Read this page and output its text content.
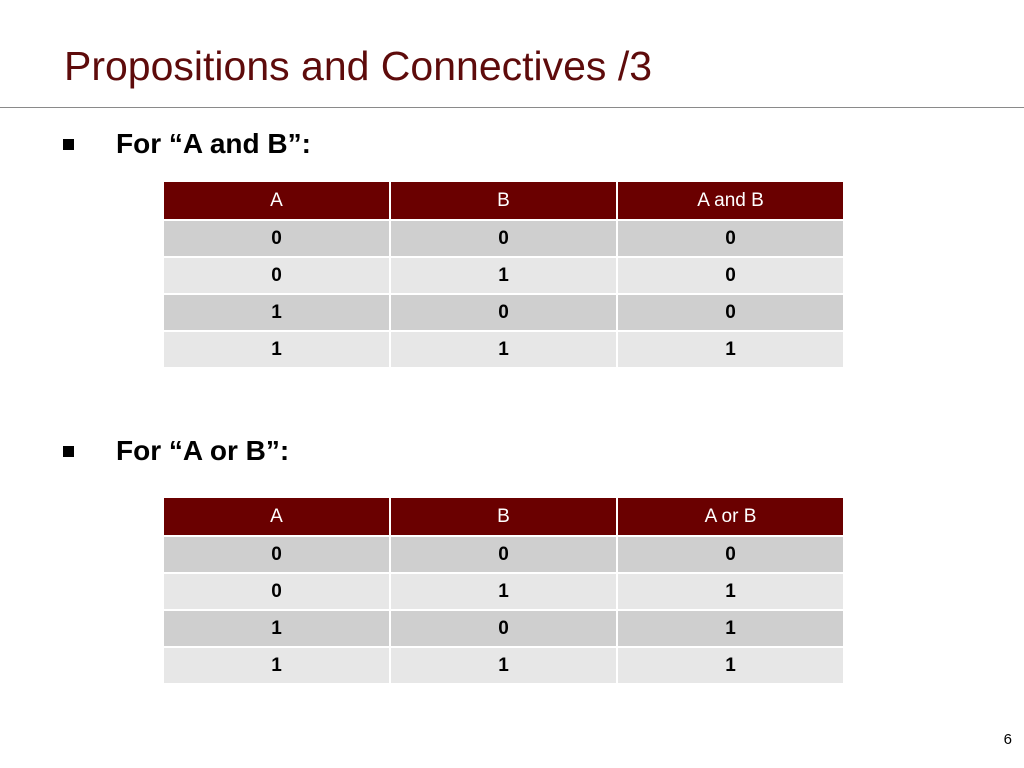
Propositions and Connectives /3
For “A and B”:
A	B	A and B
0	0	0
0	1	0
1	0	0
1	1	1
For “A or B”:
A	B	A or B
0	0	0
0	1	1
1	0	1
1	1	1
6
